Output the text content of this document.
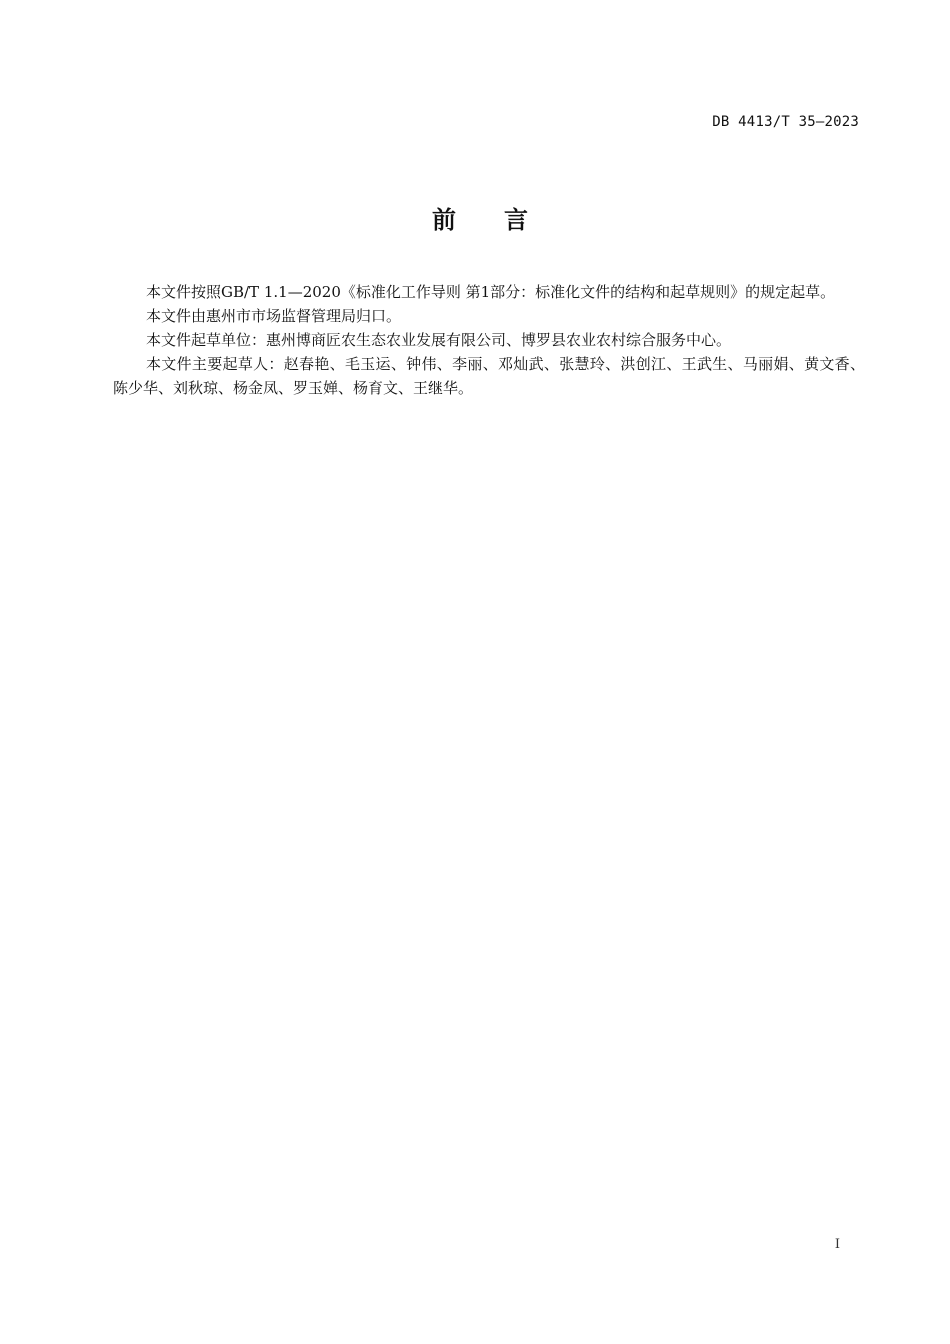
DB 4413/T 35—2023
前言

本文件按照GB/T 1.1—2020《标准化工作导则 第1部分：标准化文件的结构和起草规则》的规定起草。

本文件由惠州市市场监督管理局归口。

本文件起草单位：惠州博商匠农生态农业发展有限公司、博罗县农业农村综合服务中心。

本文件主要起草人：赵春艳、毛玉运、钟伟、李丽、邓灿武、张慧玲、洪创江、王武生、马丽娟、黄文香、陈少华、刘秋琼、杨金凤、罗玉婵、杨育文、王继华。

I
